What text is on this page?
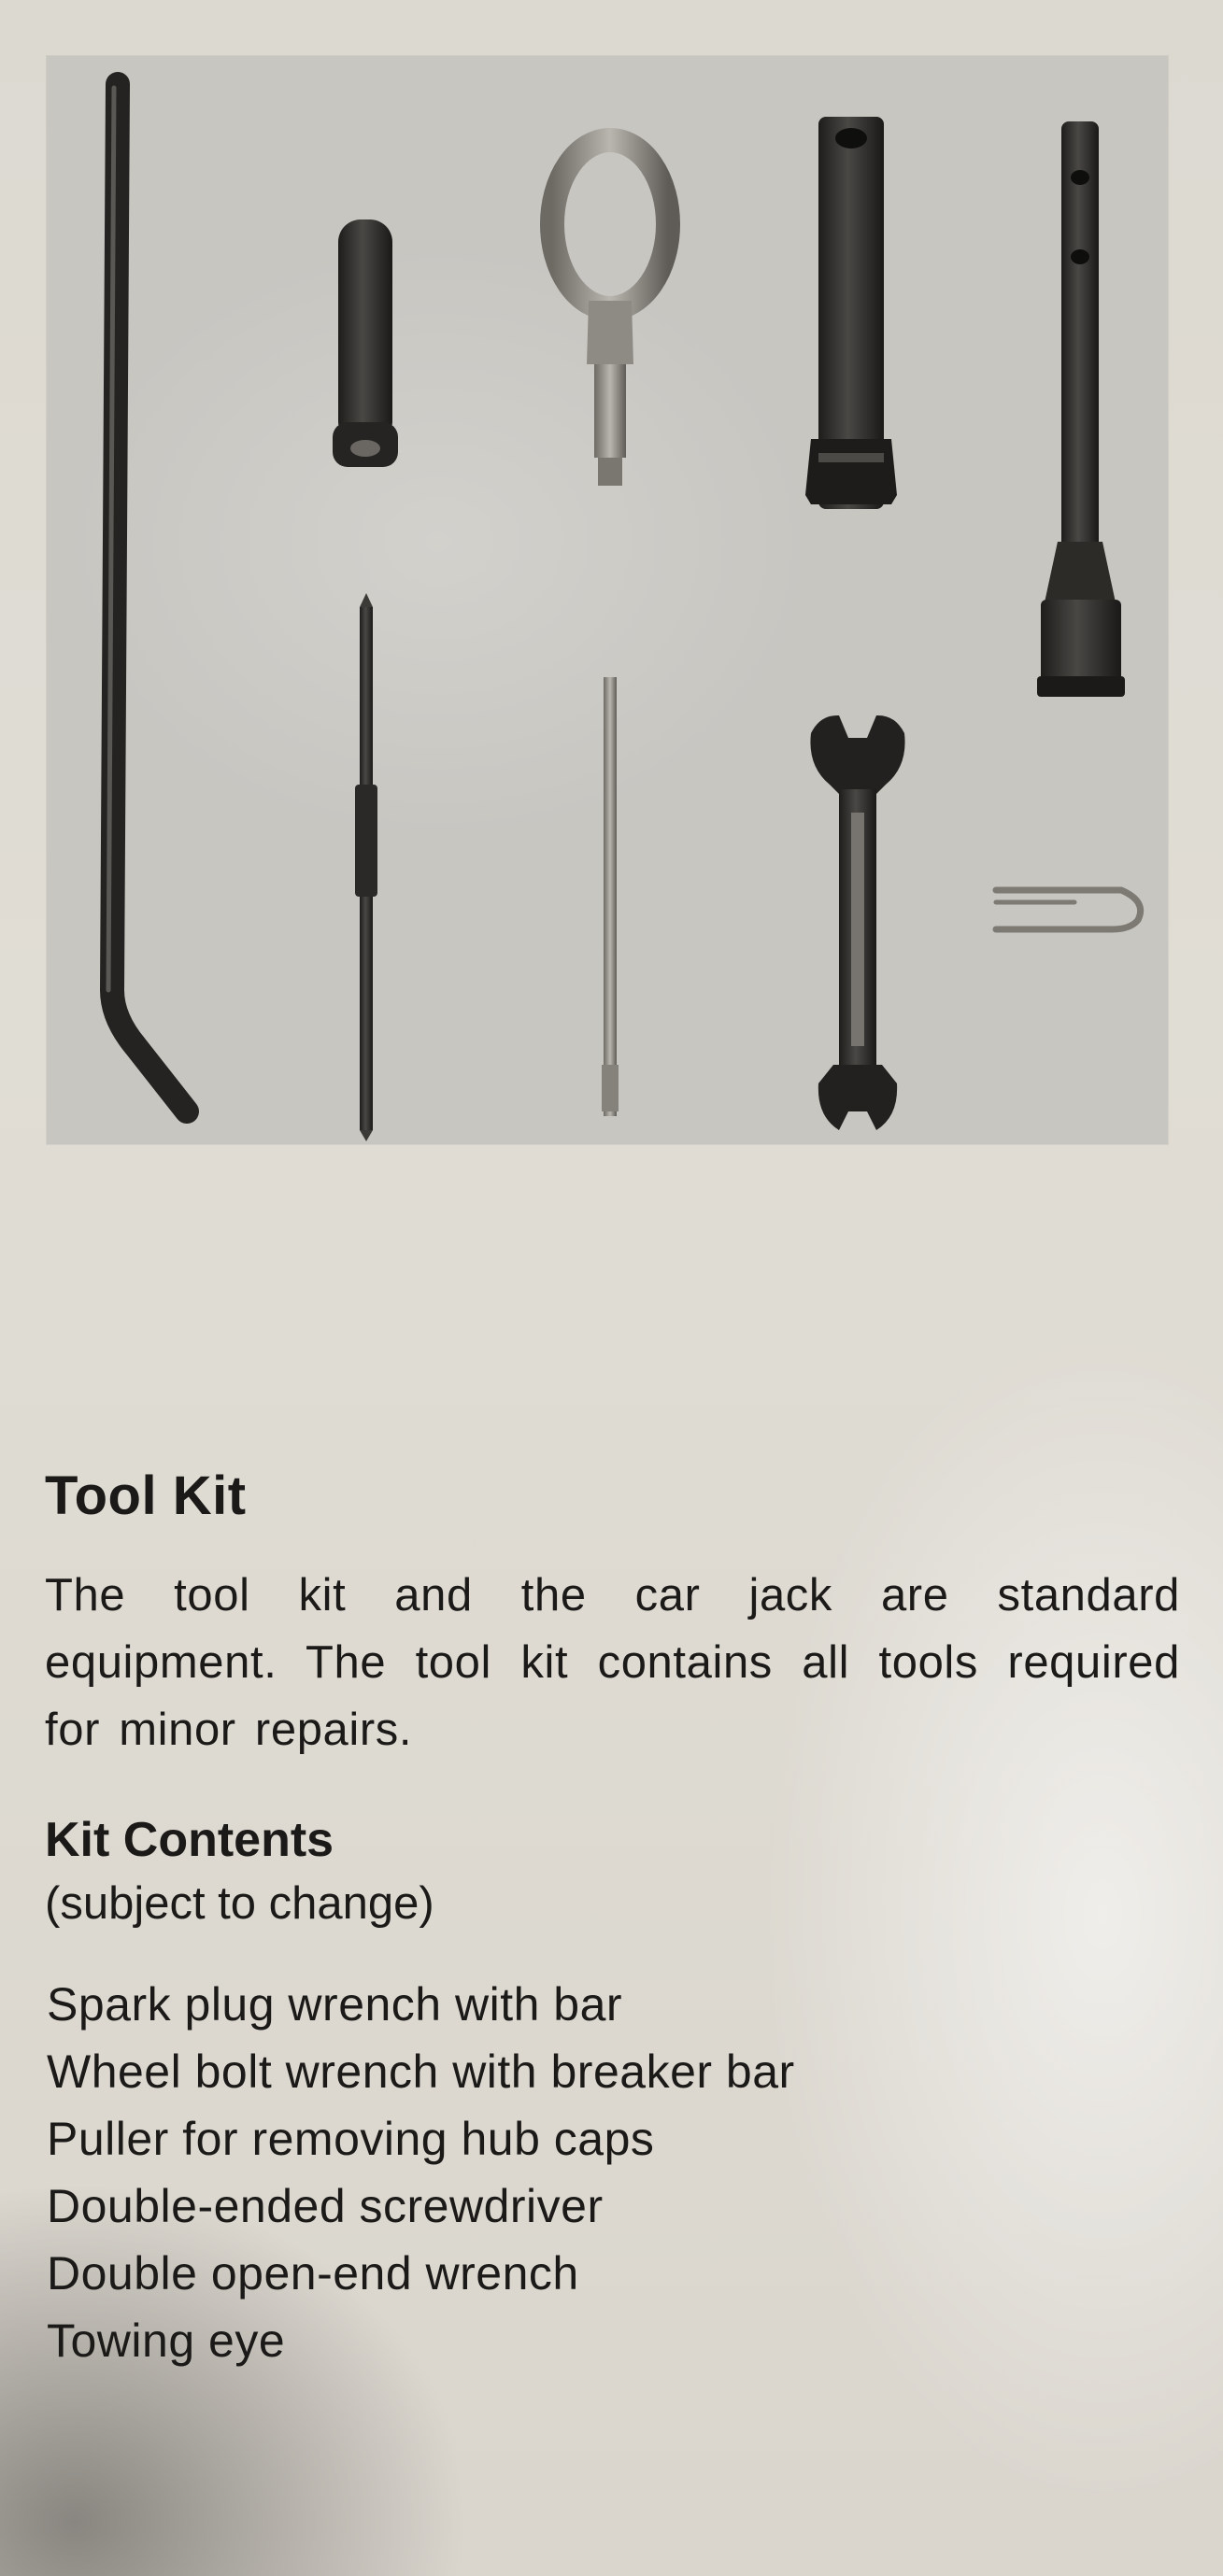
Tool Kit

The tool kit and the car jack are standard equipment. The tool kit contains all tools required for minor repairs.

Kit Contents

(subject to change)

Spark plug wrench with bar
Wheel bolt wrench with breaker bar
Puller for removing hub caps
Double-ended screwdriver
Double open-end wrench
Towing eye
